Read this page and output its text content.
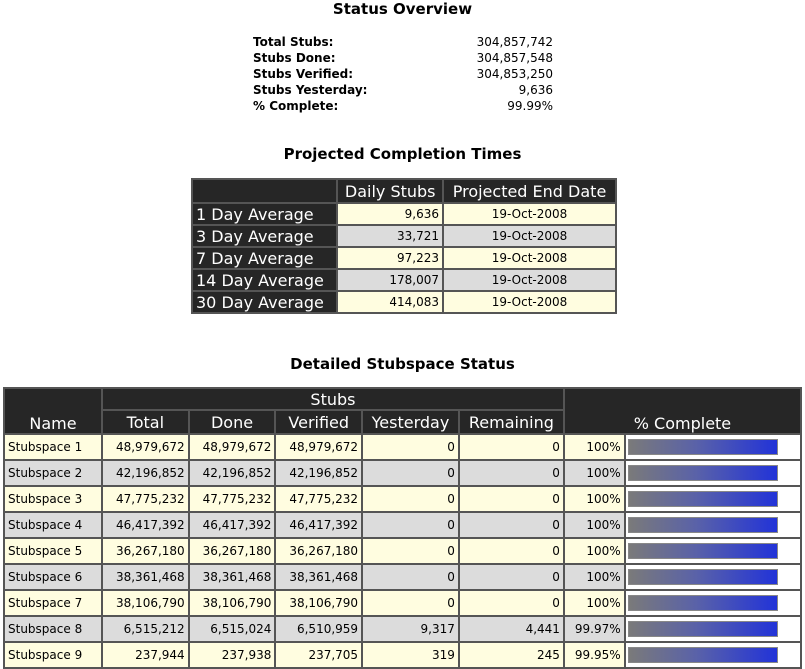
Status Overview
Total Stubs:	304,857,742
Stubs Done:	304,857,548
Stubs Verified:	304,853,250
Stubs Yesterday:	9,636
% Complete:	99.99%
Projected Completion Times
	Daily Stubs	Projected End Date
1 Day Average	9,636	19-Oct-2008
3 Day Average	33,721	19-Oct-2008
7 Day Average	97,223	19-Oct-2008
14 Day Average	178,007	19-Oct-2008
30 Day Average	414,083	19-Oct-2008
Detailed Stubspace Status
Name	Stubs					% Complete	
	Total	Done	Verified	Yesterday	Remaining		
Stubspace 1	48,979,672	48,979,672	48,979,672	0	0	100%	

Stubspace 2	42,196,852	42,196,852	42,196,852	0	0	100%	

Stubspace 3	47,775,232	47,775,232	47,775,232	0	0	100%	

Stubspace 4	46,417,392	46,417,392	46,417,392	0	0	100%	

Stubspace 5	36,267,180	36,267,180	36,267,180	0	0	100%	

Stubspace 6	38,361,468	38,361,468	38,361,468	0	0	100%	

Stubspace 7	38,106,790	38,106,790	38,106,790	0	0	100%	

Stubspace 8	6,515,212	6,515,024	6,510,959	9,317	4,441	99.97%	

Stubspace 9	237,944	237,938	237,705	319	245	99.95%	
